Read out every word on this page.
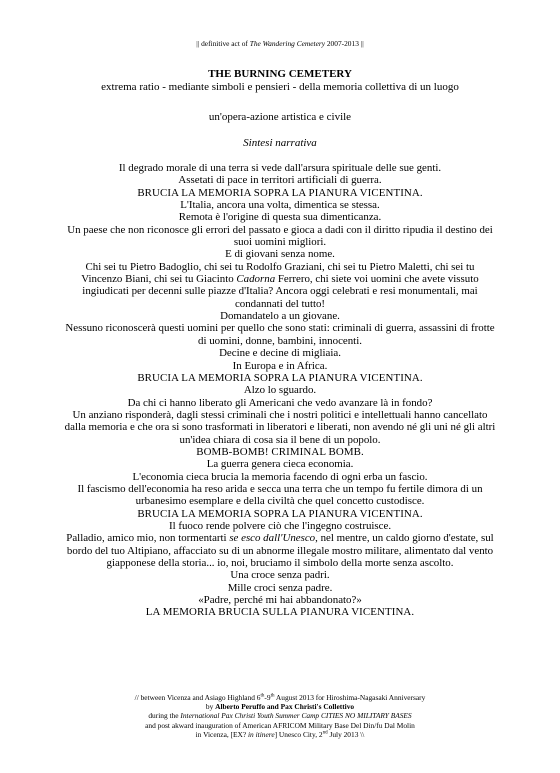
|| definitive act of The Wandering Cemetery 2007-2013 ||
THE BURNING CEMETERY
extrema ratio - mediante simboli e pensieri - della memoria collettiva di un luogo
un'opera-azione artistica e civile
Sintesi narrativa
Il degrado morale di una terra si vede dall'arsura spirituale delle sue genti.
Assetati di pace in territori artificiali di guerra.
BRUCIA LA MEMORIA SOPRA LA PIANURA VICENTINA.
L'Italia, ancora una volta, dimentica se stessa.
Remota è l'origine di questa sua dimenticanza.
Un paese che non riconosce gli errori del passato e gioca a dadi con il diritto ripudia il destino dei
suoi uomini migliori.
E di giovani senza nome.
Chi sei tu Pietro Badoglio, chi sei tu Rodolfo Graziani, chi sei tu Pietro Maletti, chi sei tu
Vincenzo Biani, chi sei tu Giacinto Cadorna Ferrero, chi siete voi uomini che avete vissuto
ingiudicati per decenni sulle piazze d'Italia? Ancora oggi celebrati e resi monumentali, mai
condannati del tutto!
Domandatelo a un giovane.
Nessuno riconoscerà questi uomini per quello che sono stati: criminali di guerra, assassini di frotte
di uomini, donne, bambini, innocenti.
Decine e decine di migliaia.
In Europa e in Africa.
BRUCIA LA MEMORIA SOPRA LA PIANURA VICENTINA.
Alzo lo sguardo.
Da chi ci hanno liberato gli Americani che vedo avanzare là in fondo?
Un anziano risponderà, dagli stessi criminali che i nostri politici e intellettuali hanno cancellato
dalla memoria e che ora si sono trasformati in liberatori e liberati, non avendo né gli uni né gli altri
un'idea chiara di cosa sia il bene di un popolo.
BOMB-BOMB! CRIMINAL BOMB.
La guerra genera cieca economia.
L'economia cieca brucia la memoria facendo di ogni erba un fascio.
Il fascismo dell'economia ha reso arida e secca una terra che un tempo fu fertile dimora di un
urbanesimo esemplare e della civiltà che quel concetto custodisce.
BRUCIA LA MEMORIA SOPRA LA PIANURA VICENTINA.
Il fuoco rende polvere ciò che l'ingegno costruisce.
Palladio, amico mio, non tormentarti se esco dall'Unesco, nel mentre, un caldo giorno d'estate, sul
bordo del tuo Altipiano, affacciato su di un abnorme illegale mostro militare, alimentato dal vento
giapponese della storia... io, noi, bruciamo il simbolo della morte senza ascolto.
Una croce senza padri.
Mille croci senza padre.
«Padre, perché mi hai abbandonato?»
LA MEMORIA BRUCIA SULLA PIANURA VICENTINA.
// between Vicenza and Asiago Highland 6th-9th August 2013 for Hiroshima-Nagasaki Anniversary
by Alberto Peruffo and Pax Christi's Collettivo
during the International Pax Christi Youth Summer Camp CITIES NO MILITARY BASES
and post akward inauguration of American AFRICOM Military Base Del Din/fu Dal Molin
in Vicenza, [EX? in itinere] Unesco City, 2nd July 2013 \\
